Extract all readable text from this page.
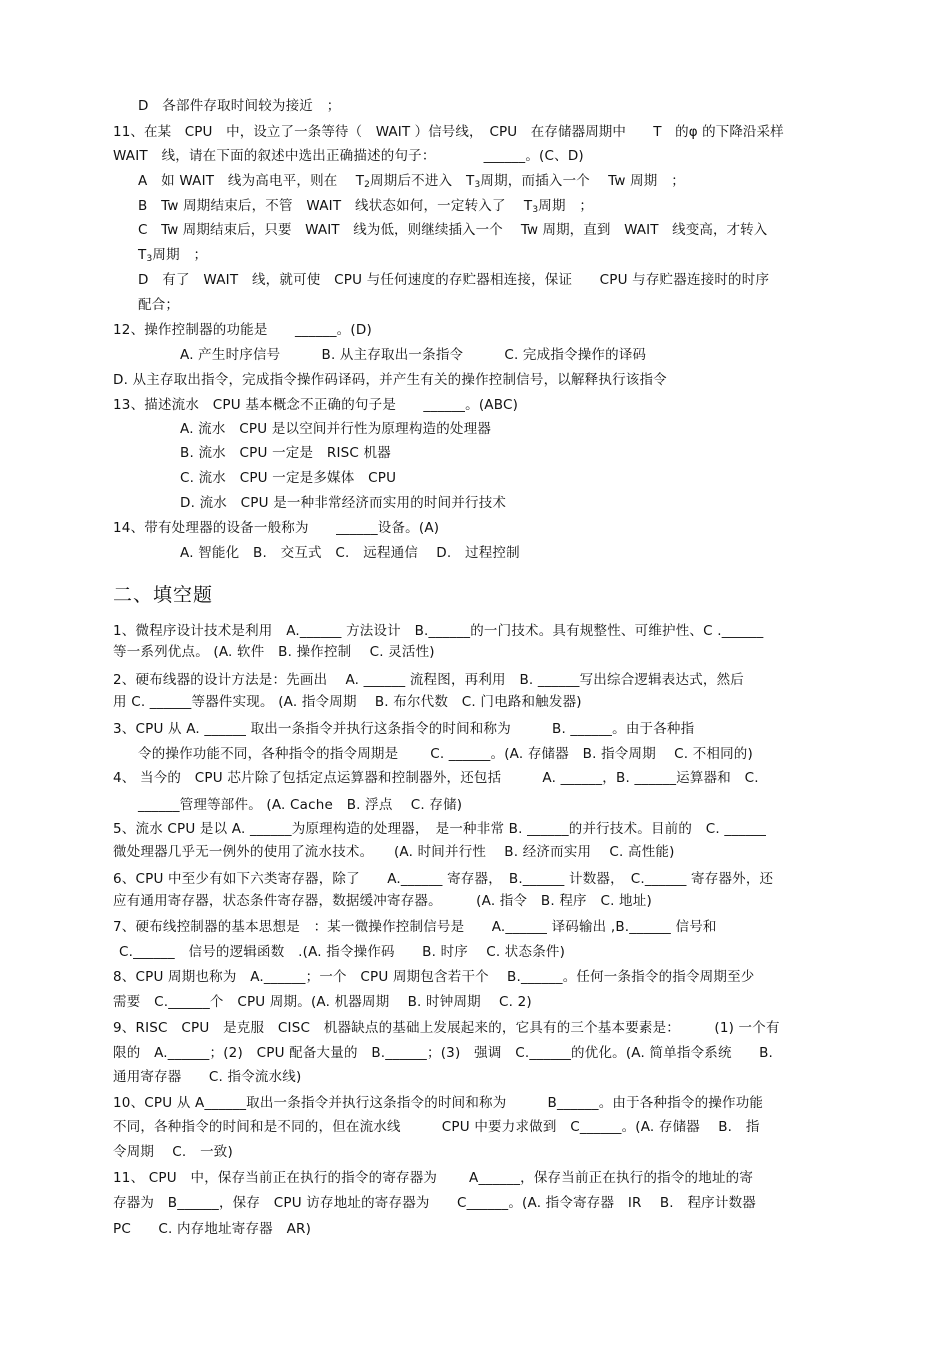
D　各部件存取时间较为接近　；
11、在某　CPU　中，设立了一条等待（　WAIT ）信号线，　CPU　在存储器周期中　　T　的φ 的下降沿采样
WAIT　线，请在下面的叙述中选出正确描述的句子：　　　　______。(C、D)
A　如 WAIT　线为高电平，则在　 $T_2$周期后不进入　$T_3$周期，而插入一个　 Tw 周期　；
B　Tw 周期结束后，不管　WAIT　线状态如何，一定转入了　 $T_3$周期　；
C　Tw 周期结束后，只要　WAIT　线为低，则继续插入一个　 Tw 周期，直到　WAIT　线变高，才转入
$T_3$周期　；
D　有了　WAIT　线，就可使　CPU 与任何速度的存贮器相连接，保证　　CPU 与存贮器连接时的时序
配合；
12、操作控制器的功能是　　______。(D)
A. 产生时序信号　　　B. 从主存取出一条指令　　　C. 完成指令操作的译码
D. 从主存取出指令，完成指令操作码译码，并产生有关的操作控制信号，以解释执行该指令
13、描述流水　CPU 基本概念不正确的句子是　　______。(ABC)
A. 流水　CPU 是以空间并行性为原理构造的处理器
B. 流水　CPU 一定是　RISC 机器
C. 流水　CPU 一定是多媒体　CPU
D. 流水　CPU 是一种非常经济而实用的时间并行技术
14、带有处理器的设备一般称为　　______设备。(A)
A. 智能化　B.　交互式　C.　远程通信　 D.　过程控制
二、填空题
1、微程序设计技术是利用　A.______ 方法设计　B.______的一门技术。具有规整性、可维护性、C .______
等一系列优点。 (A. 软件　B. 操作控制　 C. 灵活性)
2、硬布线器的设计方法是：先画出　 A. ______ 流程图，再利用　B. ______写出综合逻辑表达式，然后
用 C. ______等器件实现。 (A. 指令周期　 B. 布尔代数　C. 门电路和触发器)
3、CPU 从 A. ______ 取出一条指令并执行这条指令的时间和称为　　　B. ______。由于各种指
令的操作功能不同，各种指令的指令周期是　　 C. ______。(A. 存储器　B. 指令周期　 C. 不相同的)
4、 当今的　CPU 芯片除了包括定点运算器和控制器外，还包括　　　A. ______，B. ______运算器和　C.
______管理等部件。 (A. Cache　B. 浮点　 C. 存储)
5、流水 CPU 是以 A. ______为原理构造的处理器，　是一种非常 B. ______的并行技术。目前的　C. ______
微处理器几乎无一例外的使用了流水技术。　　(A. 时间并行性　 B. 经济而实用　 C. 高性能)
6、CPU 中至少有如下六类寄存器，除了　　A.______ 寄存器，　B.______ 计数器，　C.______ 寄存器外，还
应有通用寄存器，状态条件寄存器，数据缓冲寄存器。　　　(A. 指令　B. 程序　C. 地址)
7、硬布线控制器的基本思想是　：某一微操作控制信号是　　A.______ 译码输出 ,B.______ 信号和
C.______　信号的逻辑函数　.(A. 指令操作码　　B. 时序　 C. 状态条件)
8、CPU 周期也称为　A.______；一个　CPU 周期包含若干个　 B.______。任何一条指令的指令周期至少
需要　C.______个　CPU 周期。(A. 机器周期　 B. 时钟周期　 C. 2)
9、RISC　CPU　是克服　CISC　机器缺点的基础上发展起来的，它具有的三个基本要素是：　　　(1) 一个有
限的　A.______；(2)　CPU 配备大量的　B.______；(3)　强调　C.______的优化。(A. 简单指令系统　　B.
通用寄存器　　C. 指令流水线)
10、CPU 从 A______取出一条指令并执行这条指令的时间和称为　　　B______。由于各种指令的操作功能
不同，各种指令的时间和是不同的，但在流水线　　　CPU 中要力求做到　C______。(A. 存储器　 B.　指
令周期　 C.　一致)
11、 CPU　中，保存当前正在执行的指令的寄存器为　　 A______，保存当前正在执行的指令的地址的寄
存器为　B______，保存　CPU 访存地址的寄存器为　　C______。(A. 指令寄存器　IR　 B.　程序计数器
PC　　C. 内存地址寄存器　AR)
